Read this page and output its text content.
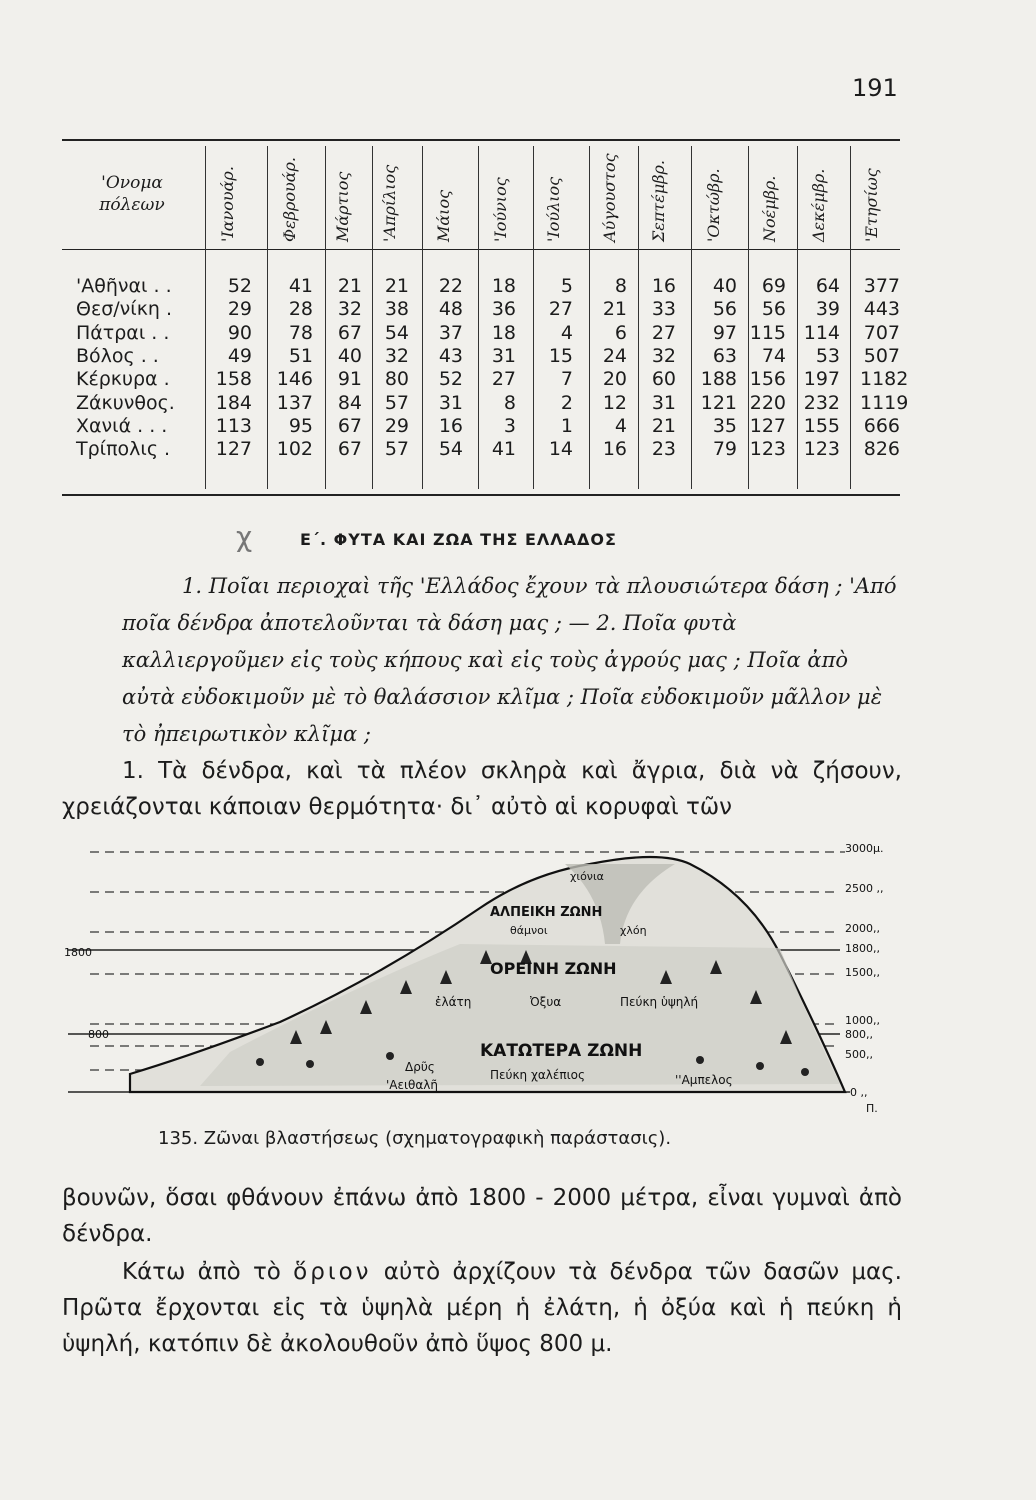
191
'Ονομα
πόλεων	'Ιανουάρ.	Φεβρουάρ. Μάρτιος 'Απρίλιος Μάιος 'Ιούνιος 'Ιούλιος Αύγουστος Σεπτέμβρ. 'Οκτώβρ. Νοέμβρ. Δεκέμβρ. 'Ετησίως
'Αθῆναι . .	52	41	21	21	22	18	5	8	16	40	69	64 377
Θεσ/νίκη .	29	28	32	38	48	36	27	21	33	56	56	39 443
Πάτραι . .	90	78	67	54	37	18	4	6	27	97 115 114 707
Βόλος . .	49	51	40	32	43	31	15	24	32	63	74	53 507
Κέρκυρα . 158 146	91	80	52	27	7	20	60 188 156 197 1182
Ζάκυνθος. 184 137	84	57	31	8	2	12	31 121 220 232 1119
Χανιά . . .	113	95	67	29	16	3	1	4	21	35 127 155 666
Τρίπολις . 127 102	67	57	54	41	14	16	23	79 123 123 826
χ	Ε΄. ΦΥΤΑ ΚΑΙ ΖΩΑ ΤΗΣ ΕΛΛΑΔΟΣ

1. Ποῖαι περιοχαὶ τῆς 'Ελλάδος ἔχουν τὰ πλουσιώτερα δάση ; 'Από ποῖα δένδρα ἀποτελοῦνται τὰ δάση μας ; — 2. Ποῖα φυτὰ καλλιεργοῦμεν εἰς τοὺς κήπους καὶ εἰς τοὺς ἀγρούς μας ; Ποῖα ἀπὸ αὐτὰ εὐδοκιμοῦν μὲ τὸ θαλάσσιον κλῖμα ; Ποῖα εὐδοκιμοῦν μᾶλλον μὲ τὸ ἠπειρωτικὸν κλῖμα ;

1. Τὰ δένδρα, καὶ τὰ πλέον σκληρὰ καὶ ἄγρια, διὰ νὰ ζήσουν, χρειάζονται κάποιαν θερμότητα· δι᾽ αὐτὸ αἱ κορυφαὶ τῶν

3000μ.
2500 ,,
2000,,
1800,,
1500,,
1000,,
800,,
500,,
0 ,,
Π.
1800
800
ΑΛΠΕΙΚΗ ΖΩΝΗ
ΟΡΕΙΝΗ ΖΩΝΗ
ΚΑΤΩΤΕΡΑ ΖΩΝΗ
χιόνια
θάμνοι	χλόη
ἐλάτη	Ὀξυα	Πεύκη ὑψηλή
Δρῦς
'Αειθαλῆ
Πεύκη χαλέπιος	''Αμπελος
135. Ζῶναι βλαστήσεως (σχηματογραφικὴ παράστασις).

βουνῶν, ὅσαι φθάνουν ἐπάνω ἀπὸ 1800 - 2000 μέτρα, εἶναι γυμναὶ ἀπὸ δένδρα.

Κάτω ἀπὸ τὸ ὅριον αὐτὸ ἀρχίζουν τὰ δένδρα τῶν δασῶν μας. Πρῶτα ἔρχονται εἰς τὰ ὑψηλὰ μέρη ἡ ἐλάτη, ἡ ὀξύα καὶ ἡ πεύκη ἡ ὑψηλή, κατόπιν δὲ ἀκολουθοῦν ἀπὸ ὕψος 800 μ.
